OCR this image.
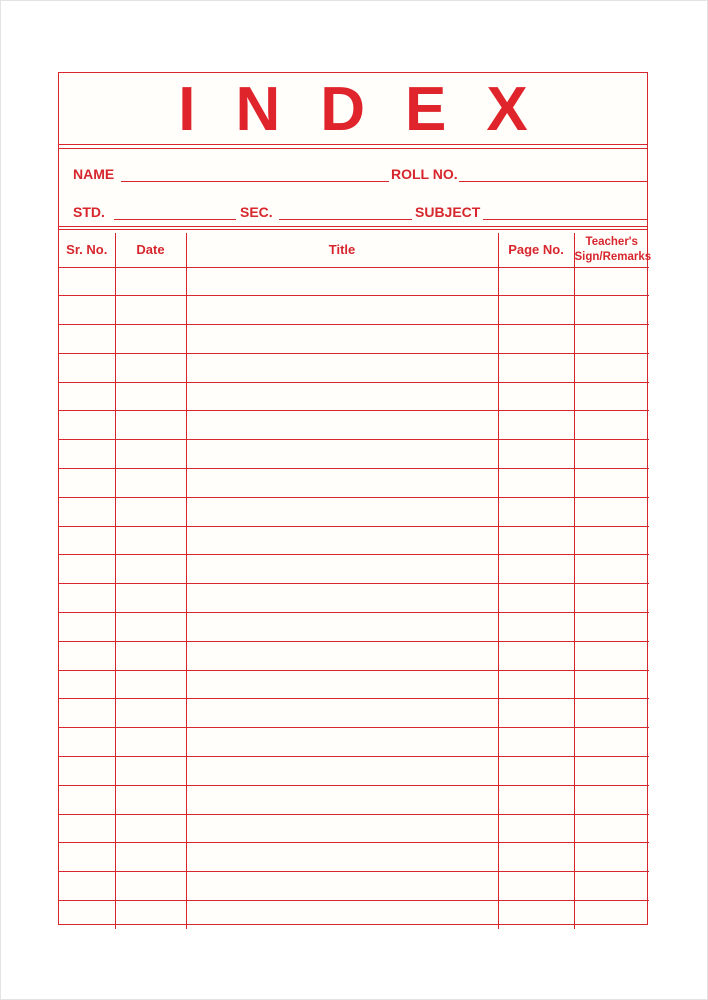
INDEX
NAME	ROLL NO.
STD.	SEC.	SUBJECT
Sr. No.	Date	Title	Page No.	Teacher's
Sign/Remarks
